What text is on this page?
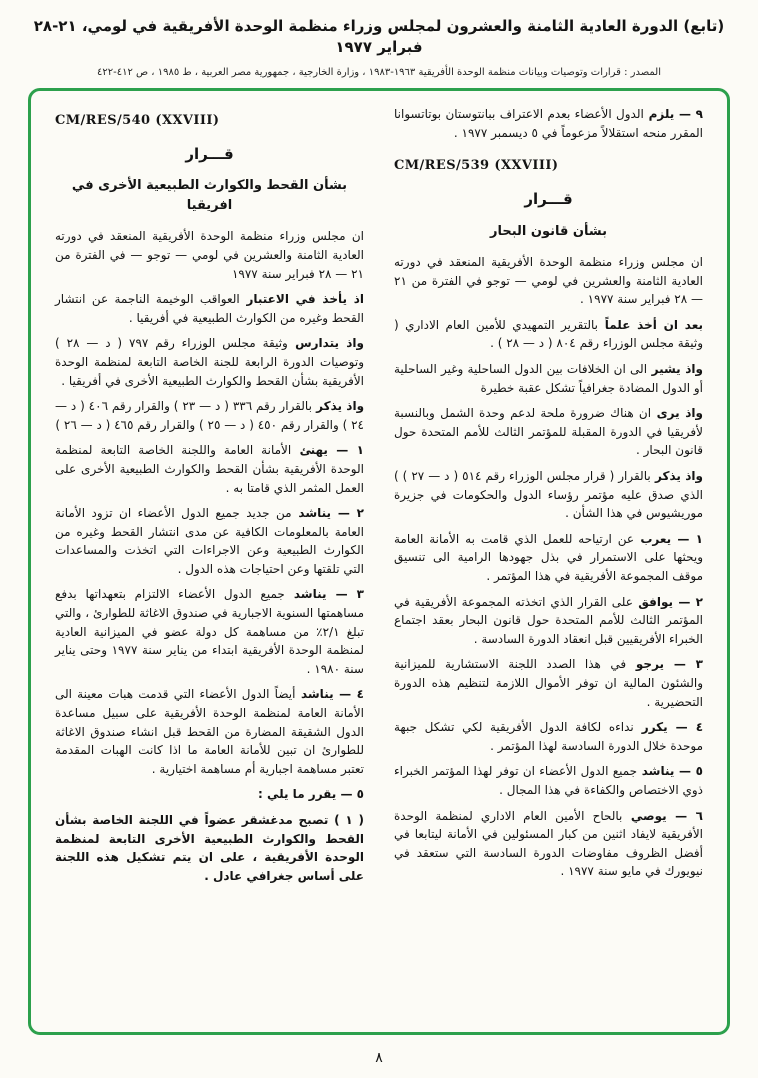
(تابع) الدورة العادية الثامنة والعشرون لمجلس وزراء منظمة الوحدة الأفريقية في لومي، ٢١-٢٨ فبراير ١٩٧٧
المصدر : قرارات وتوصيات وبيانات منظمة الوحدة الأفريقية ١٩٦٣-١٩٨٣ ، وزارة الخارجية ، جمهورية مصر العربية ، ط ١٩٨٥ ، ص ٤١٢-٤٢٢
٩ — يلزم الدول الأعضاء بعدم الاعتراف ببانتوستان بوتاتسوانا المقرر منحه استقلالاً مزعوماً في ٥ ديسمبر ١٩٧٧ .
CM/RES/539 (XXVIII)
قـــرار
بشأن قانون البحار
ان مجلس وزراء منظمة الوحدة الأفريقية المنعقد في دورته العادية الثامنة والعشرين في لومي — توجو في الفترة من ٢١ — ٢٨ فبراير سنة ١٩٧٧ .
بعد ان أخذ علماً بالتقرير التمهيدي للأمين العام الاداري ( وثيقة مجلس الوزراء رقم ٨٠٤ ( د — ٢٨ ) .
واذ يشير الى ان الخلافات بين الدول الساحلية وغير الساحلية أو الدول المضادة جغرافياً تشكل عقبة خطيرة
واذ يرى ان هناك ضرورة ملحة لدعم وحدة الشمل وبالنسبة لأفريقيا في الدورة المقبلة للمؤتمر الثالث للأمم المتحدة حول قانون البحار .
واذ يذكر بالقرار ( قرار مجلس الوزراء رقم ٥١٤ ( د — ٢٧ ) ) الذي صدق عليه مؤتمر رؤساء الدول والحكومات في جزيرة موريشيوس في هذا الشأن .
١ — يعرب عن ارتياحه للعمل الذي قامت به الأمانة العامة ويحثها على الاستمرار في بذل جهودها الرامية الى تنسيق موقف المجموعة الأفريقية في هذا المؤتمر .
٢ — يوافق على القرار الذي اتخذته المجموعة الأفريقية في المؤتمر الثالث للأمم المتحدة حول قانون البحار بعقد اجتماع الخبراء الأفريقيين قبل انعقاد الدورة السادسة .
٣ — يرجو في هذا الصدد اللجنة الاستشارية للميزانية والشئون المالية ان توفر الأموال اللازمة لتنظيم هذه الدورة التحضيرية .
٤ — يكرر نداءه لكافة الدول الأفريقية لكي تشكل جبهة موحدة خلال الدورة السادسة لهذا المؤتمر .
٥ — يناشد جميع الدول الأعضاء ان توفر لهذا المؤتمر الخبراء ذوي الاختصاص والكفاءة في هذا المجال .
٦ — يوصي بالحاح الأمين العام الاداري لمنظمة الوحدة الأفريقية لايفاد اثنين من كبار المسئولين في الأمانة ليتابعا في أفضل الظروف مفاوضات الدورة السادسة التي ستعقد في نيويورك في مايو سنة ١٩٧٧ .
CM/RES/540 (XXVIII)
قـــرار
بشأن القحط والكوارث الطبيعية الأخرى في افريقيا
ان مجلس وزراء منظمة الوحدة الأفريقية المنعقد في دورته العادية الثامنة والعشرين في لومي — توجو — في الفترة من ٢١ — ٢٨ فبراير سنة ١٩٧٧
اذ يأخذ في الاعتبار العواقب الوخيمة الناجمة عن انتشار القحط وغيره من الكوارث الطبيعية في أفريقيا .
واذ يتدارس وثيقة مجلس الوزراء رقم ٧٩٧ ( د — ٢٨ ) وتوصيات الدورة الرابعة للجنة الخاصة التابعة لمنظمة الوحدة الأفريقية بشأن القحط والكوارث الطبيعية الأخرى في أفريقيا .
واذ يذكر بالقرار رقم ٣٣٦ ( د — ٢٣ ) والقرار رقم ٤٠٦ ( د — ٢٤ ) والقرار رقم ٤٥٠ ( د — ٢٥ ) والقرار رقم ٤٦٥ ( د — ٢٦ )
١ — يهنئ الأمانة العامة واللجنة الخاصة التابعة لمنظمة الوحدة الأفريقية بشأن القحط والكوارث الطبيعية الأخرى على العمل المثمر الذي قامتا به .
٢ — يناشد من جديد جميع الدول الأعضاء ان تزود الأمانة العامة بالمعلومات الكافية عن مدى انتشار القحط وغيره من الكوارث الطبيعية وعن الاجراءات التي اتخذت والمساعدات التي تلقتها وعن احتياجات هذه الدول .
٣ — يناشد جميع الدول الأعضاء الالتزام بتعهداتها بدفع مساهمتها السنوية الاجبارية في صندوق الاغاثة للطوارئ ، والتي تبلغ ٢/١٪ من مساهمة كل دولة عضو في الميزانية العادية لمنظمة الوحدة الأفريقية ابتداء من يناير سنة ١٩٧٧ وحتى يناير سنة ١٩٨٠ .
٤ — يناشد أيضاً الدول الأعضاء التي قدمت هبات معينة الى الأمانة العامة لمنظمة الوحدة الأفريقية على سبيل مساعدة الدول الشقيقة المضارة من القحط قبل انشاء صندوق الاغاثة للطوارئ ان تبين للأمانة العامة ما اذا كانت الهبات المقدمة تعتبر مساهمة اجبارية أم مساهمة اختيارية .
٥ — يقرر ما يلي :
( ١ ) تصبح مدغشقر عضواً في اللجنة الخاصة بشأن القحط والكوارث الطبيعية الأخرى التابعة لمنظمة الوحدة الأفريقية ، على ان يتم تشكيل هذه اللجنة على أساس جغرافي عادل .
٨
